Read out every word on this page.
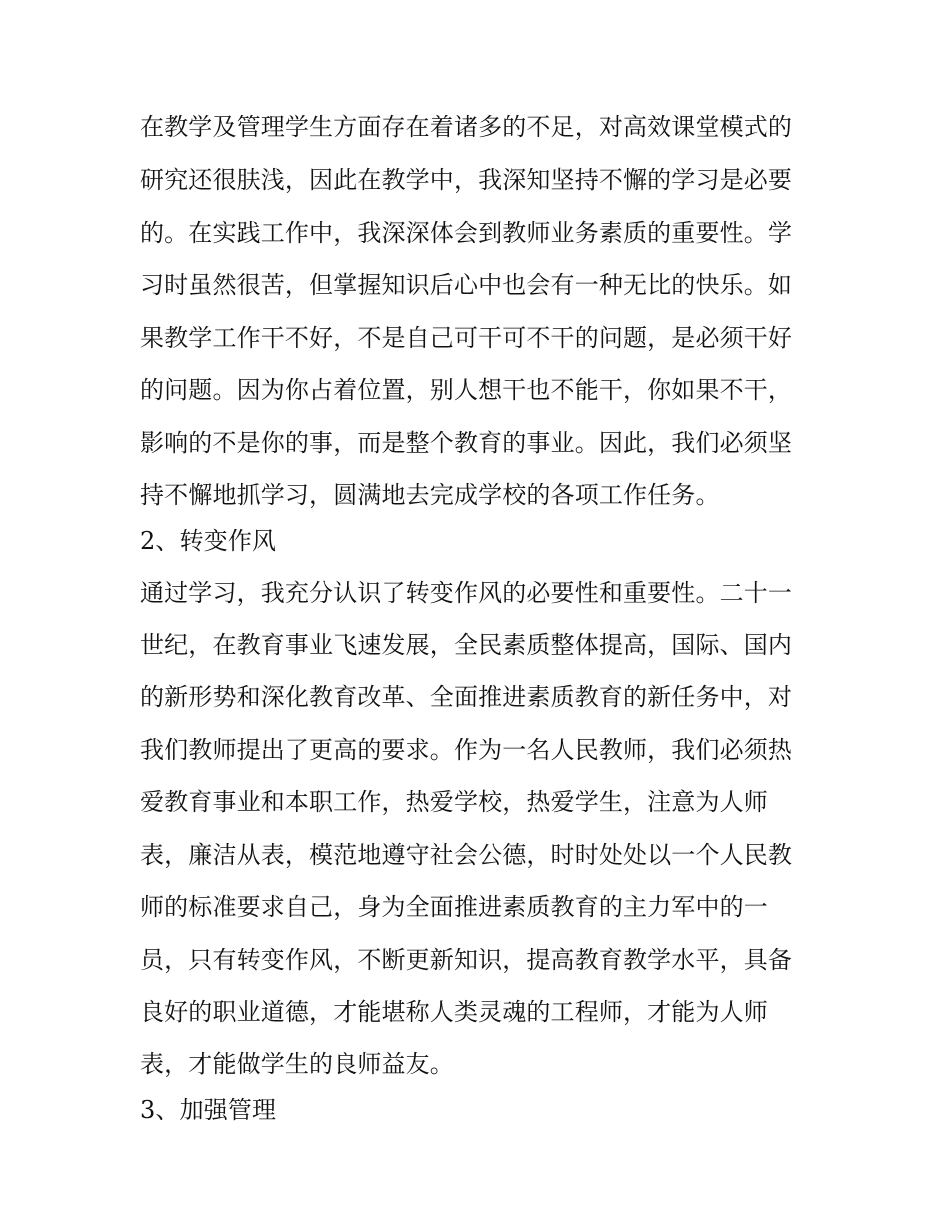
在教学及管理学生方面存在着诸多的不足，对高效课堂模式的

研究还很肤浅，因此在教学中，我深知坚持不懈的学习是必要

的。在实践工作中，我深深体会到教师业务素质的重要性。学

习时虽然很苦，但掌握知识后心中也会有一种无比的快乐。如

果教学工作干不好，不是自己可干可不干的问题，是必须干好

的问题。因为你占着位置，别人想干也不能干，你如果不干，

影响的不是你的事，而是整个教育的事业。因此，我们必须坚

持不懈地抓学习，圆满地去完成学校的各项工作任务。

2、转变作风

通过学习，我充分认识了转变作风的必要性和重要性。二十一

世纪，在教育事业飞速发展，全民素质整体提高，国际、国内

的新形势和深化教育改革、全面推进素质教育的新任务中，对

我们教师提出了更高的要求。作为一名人民教师，我们必须热

爱教育事业和本职工作，热爱学校，热爱学生，注意为人师

表，廉洁从表，模范地遵守社会公德，时时处处以一个人民教

师的标准要求自己，身为全面推进素质教育的主力军中的一

员，只有转变作风，不断更新知识，提高教育教学水平，具备

良好的职业道德，才能堪称人类灵魂的工程师，才能为人师

表，才能做学生的良师益友。

3、加强管理
